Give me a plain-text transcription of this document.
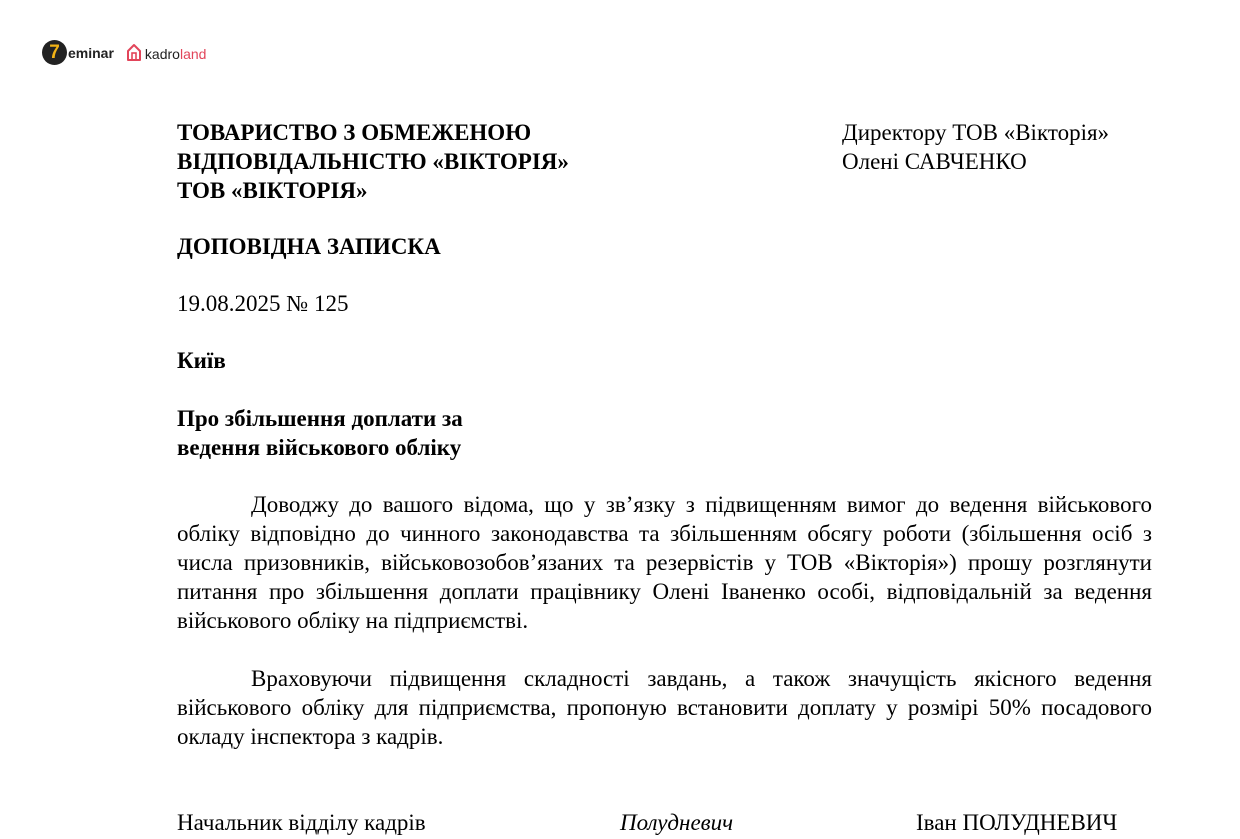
7 eminar kadroland
ТОВАРИСТВО З ОБМЕЖЕНОЮ
ВІДПОВІДАЛЬНІСТЮ «ВІКТОРІЯ»
ТОВ «ВІКТОРІЯ»
Директору ТОВ «Вікторія»
Олені САВЧЕНКО
ДОПОВІДНА ЗАПИСКА
19.08.2025 № 125
Київ
Про збільшення доплати за
ведення військового обліку

Доводжу до вашого відома, що у зв’язку з підвищенням вимог до ведення військового обліку відповідно до чинного законодавства та збільшенням обсягу роботи (збільшення осіб з числа призовників, військовозобов’язаних та резервістів у ТОВ «Вікторія») прошу розглянути питання про збільшення доплати працівнику Олені Іваненко особі, відповідальній за ведення військового обліку на підприємстві.

Враховуючи підвищення складності завдань, а також значущість якісного ведення військового обліку для підприємства, пропоную встановити доплату у розмірі 50% посадового окладу інспектора з кадрів.

Начальник відділу кадрів	Полудневич	Іван ПОЛУДНЕВИЧ
